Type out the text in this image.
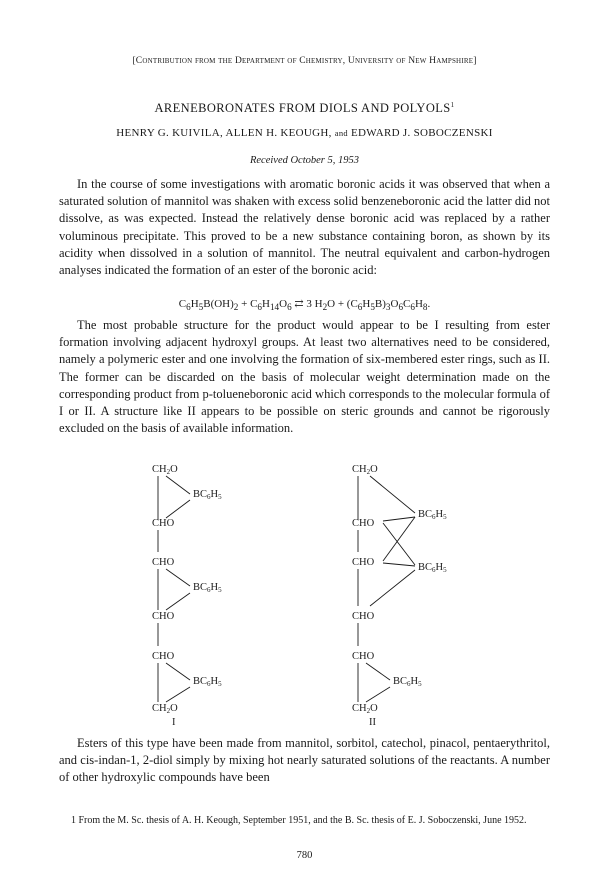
[Contribution from the Department of Chemistry, University of New Hampshire]
ARENEBORONATES FROM DIOLS AND POLYOLS$^1$
HENRY G. KUIVILA, ALLEN H. KEOUGH, and EDWARD J. SOBOCZENSKI
Received October 5, 1953

In the course of some investigations with aromatic boronic acids it was observed that when a saturated solution of mannitol was shaken with excess solid benzeneboronic acid the latter did not dissolve, as was expected. Instead the relatively dense boronic acid was replaced by a rather voluminous precipitate. This proved to be a new substance containing boron, as shown by its acidity when dissolved in a solution of mannitol. The neutral equivalent and carbon-hydrogen analyses indicated the formation of an ester of the boronic acid:

$C_6H_5B(OH)_2 + C_6H_{14}O_6$ ⇄ 3 $H_2O + (C_6H_5B)_3O_6C_6H_8$.

The most probable structure for the product would appear to be I resulting from ester formation involving adjacent hydroxyl groups. At least two alternatives need to be considered, namely a polymeric ester and one involving the formation of six-membered ester rings, such as II. The former can be discarded on the basis of molecular weight determination made on the corresponding product from p-tolueneboronic acid which corresponds to the molecular formula of I or II. A structure like II appears to be possible on steric grounds and cannot be rigorously excluded on the basis of available information.

CH2O
BC6H5
CHO
CHO
BC6H5
CHO
CHO
BC6H5
CH2O
I
CH2O
BC6H5
CHO
CHO	BC6H5
CHO
CHO
BC6H5
CH2O
II

Esters of this type have been made from mannitol, sorbitol, catechol, pinacol, pentaerythritol, and cis-indan-1, 2-diol simply by mixing hot nearly saturated solutions of the reactants. A number of other hydroxylic compounds have been

1 From the M. Sc. thesis of A. H. Keough, September 1951, and the B. Sc. thesis of E. J. Soboczenski, June 1952.

780
